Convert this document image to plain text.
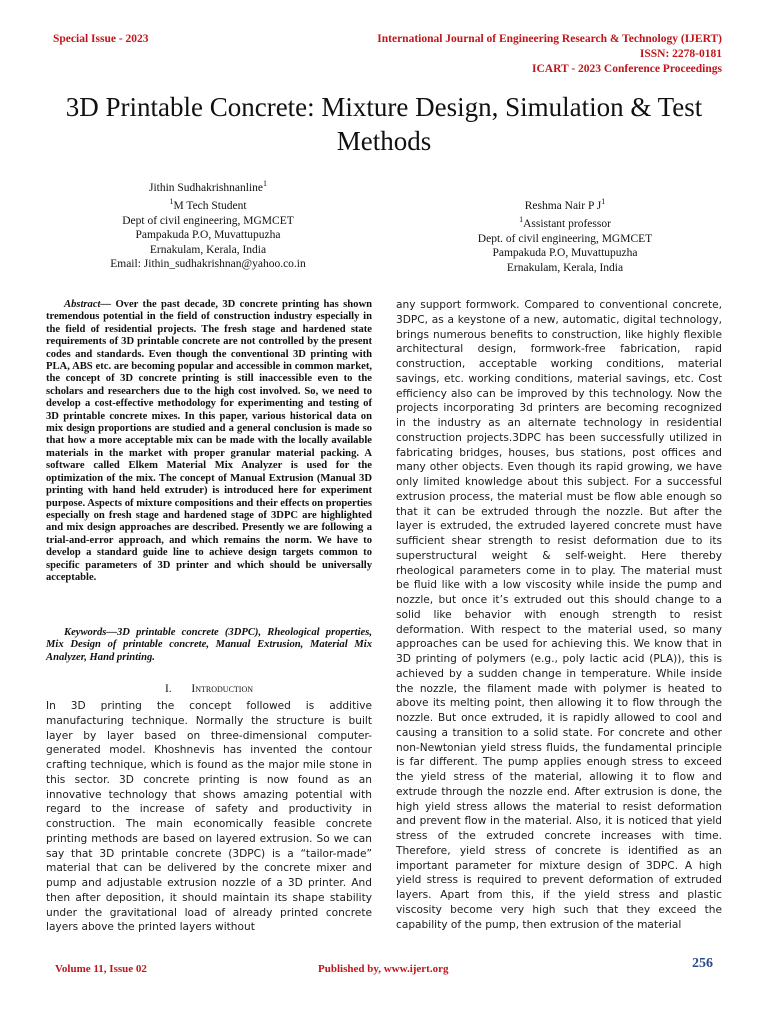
Special Issue - 2023	International Journal of Engineering Research & Technology (IJERT)
ISSN: 2278-0181
ICART - 2023 Conference Proceedings
3D Printable Concrete: Mixture Design, Simulation & Test Methods
Jithin Sudhakrishnanline$^1$
$^1$M Tech Student
Dept of civil engineering, MGMCET
Pampakuda P.O, Muvattupuzha
Ernakulam, Kerala, India
Email: Jithin_sudhakrishnan@yahoo.co.in
Reshma Nair P $J^1$
$^1$Assistant professor
Dept. of civil engineering, MGMCET
Pampakuda P.O, Muvattupuzha
Ernakulam, Kerala, India

Abstract— Over the past decade, 3D concrete printing has shown tremendous potential in the field of construction industry especially in the field of residential projects. The fresh stage and hardened state requirements of 3D printable concrete are not controlled by the present codes and standards. Even though the conventional 3D printing with PLA, ABS etc. are becoming popular and accessible in common market, the concept of 3D concrete printing is still inaccessible even to the scholars and researchers due to the high cost involved. So, we need to develop a cost-effective methodology for experimenting and testing of 3D printable concrete mixes. In this paper, various historical data on mix design proportions are studied and a general conclusion is made so that how a more acceptable mix can be made with the locally available materials in the market with proper granular material packing. A software called Elkem Material Mix Analyzer is used for the optimization of the mix. The concept of Manual Extrusion (Manual 3D printing with hand held extruder) is introduced here for experiment purpose. Aspects of mixture compositions and their effects on properties especially on fresh stage and hardened stage of 3DPC are highlighted and mix design approaches are described. Presently we are following a trial-and-error approach, and which remains the norm. We have to develop a standard guide line to achieve design targets common to specific parameters of 3D printer and which should be universally acceptable.

Keywords—3D printable concrete (3DPC), Rheological properties, Mix Design of printable concrete, Manual Extrusion, Material Mix Analyzer, Hand printing.

I. Introduction

In 3D printing the concept followed is additive manufacturing technique. Normally the structure is built layer by layer based on three-dimensional computer-generated model. Khoshnevis has invented the contour crafting technique, which is found as the major mile stone in this sector. 3D concrete printing is now found as an innovative technology that shows amazing potential with regard to the increase of safety and productivity in construction. The main economically feasible concrete printing methods are based on layered extrusion. So we can say that 3D printable concrete (3DPC) is a “tailor-made” material that can be delivered by the concrete mixer and pump and adjustable extrusion nozzle of a 3D printer. And then after deposition, it should maintain its shape stability under the gravitational load of already printed concrete layers above the printed layers without

any support formwork. Compared to conventional concrete, 3DPC, as a keystone of a new, automatic, digital technology, brings numerous benefits to construction, like highly flexible architectural design, formwork-free fabrication, rapid construction, acceptable working conditions, material savings, etc. working conditions, material savings, etc. Cost efficiency also can be improved by this technology. Now the projects incorporating 3d printers are becoming recognized in the industry as an alternate technology in residential construction projects.3DPC has been successfully utilized in fabricating bridges, houses, bus stations, post offices and many other objects. Even though its rapid growing, we have only limited knowledge about this subject. For a successful extrusion process, the material must be flow able enough so that it can be extruded through the nozzle. But after the layer is extruded, the extruded layered concrete must have sufficient shear strength to resist deformation due to its superstructural weight & self-weight. Here thereby rheological parameters come in to play. The material must be fluid like with a low viscosity while inside the pump and nozzle, but once it’s extruded out this should change to a solid like behavior with enough strength to resist deformation. With respect to the material used, so many approaches can be used for achieving this. We know that in 3D printing of polymers (e.g., poly lactic acid (PLA)), this is achieved by a sudden change in temperature. While inside the nozzle, the filament made with polymer is heated to above its melting point, then allowing it to flow through the nozzle. But once extruded, it is rapidly allowed to cool and causing a transition to a solid state. For concrete and other non-Newtonian yield stress fluids, the fundamental principle is far different. The pump applies enough stress to exceed the yield stress of the material, allowing it to flow and extrude through the nozzle end. After extrusion is done, the high yield stress allows the material to resist deformation and prevent flow in the material. Also, it is noticed that yield stress of the extruded concrete increases with time. Therefore, yield stress of concrete is identified as an important parameter for mixture design of 3DPC. A high yield stress is required to prevent deformation of extruded layers. Apart from this, if the yield stress and plastic viscosity become very high such that they exceed the capability of the pump, then extrusion of the material

Volume 11, Issue 02	Published by, www.ijert.org	256
